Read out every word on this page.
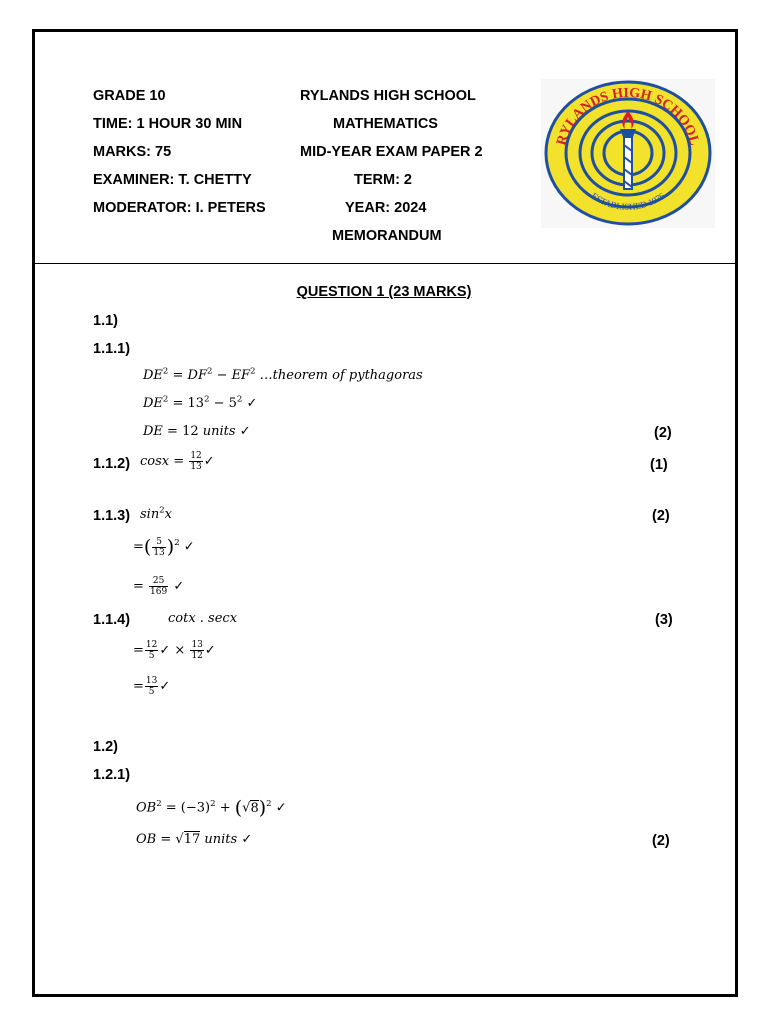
GRADE 10
TIME: 1 HOUR 30 MIN
MARKS: 75
EXAMINER: T. CHETTY
MODERATOR: I. PETERS
RYLANDS HIGH SCHOOL
MATHEMATICS
MID-YEAR EXAM PAPER 2
TERM: 2
YEAR: 2024
MEMORANDUM
RYLANDS HIGH SCHOOL
ESTABLISHED 1976
QUESTION 1 (23 MARKS)
1.1)
1.1.1)
$DE^2 = DF^2 - EF^2$ …theorem of pythagoras
$DE^2 = 13^2 - 5^2$ ✓
DE = 12 units ✓	(2)
1.1.2) $\cos x = \frac{12}{13}$ ✓	(1)
1.1.3) $\sin^2x$	(2)
=( $\frac{5}{13} )^2$ ✓
= $\frac{25}{169}$ ✓
1.1.4)	cotx . secx	(3)
= $\frac{12}{5}$ ✓ × $\frac{13}{12}$ ✓
= $\frac{13}{5}$ ✓
1.2)
1.2.1)
$OB^2 = (-3)^2 + (√8)^2$ ✓
OB = √17 units ✓	(2)
